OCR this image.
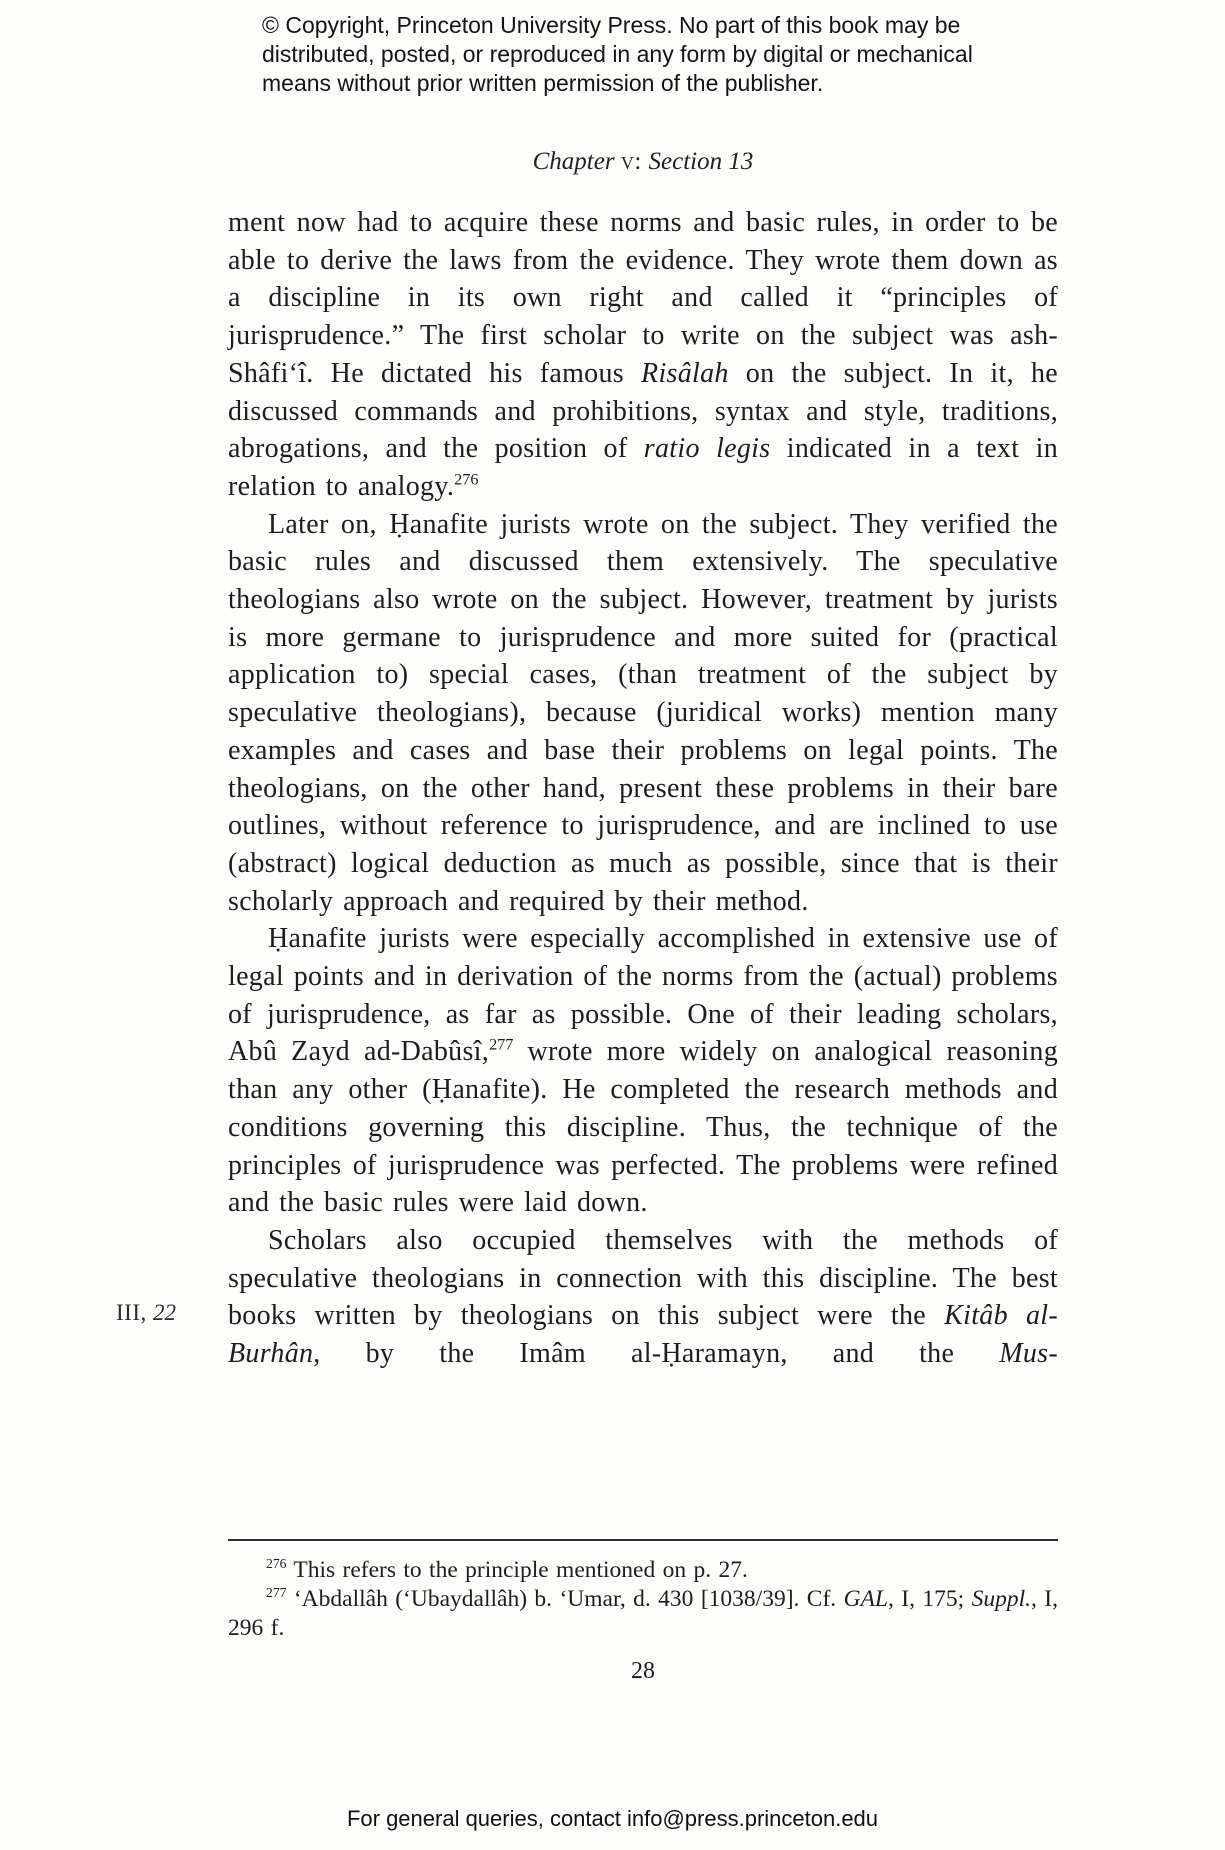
© Copyright, Princeton University Press. No part of this book may be
distributed, posted, or reproduced in any form by digital or mechanical
means without prior written permission of the publisher.
Chapter v: Section 13
III, 22

ment now had to acquire these norms and basic rules, in order to be able to derive the laws from the evidence. They wrote them down as a discipline in its own right and called it “principles of jurisprudence.” The first scholar to write on the subject was ash-Shâfi‘î. He dictated his famous Risâlah on the subject. In it, he discussed commands and prohibitions, syntax and style, traditions, abrogations, and the position of ratio legis indicated in a text in relation to analogy.$^{276}$

Later on, Ḥanafite jurists wrote on the subject. They verified the basic rules and discussed them extensively. The speculative theologians also wrote on the subject. However, treatment by jurists is more germane to jurisprudence and more suited for (practical application to) special cases, (than treatment of the subject by speculative theologians), because (juridical works) mention many examples and cases and base their problems on legal points. The theologians, on the other hand, present these problems in their bare outlines, without reference to jurisprudence, and are inclined to use (abstract) logical deduction as much as possible, since that is their scholarly approach and required by their method.

Ḥanafite jurists were especially accomplished in extensive use of legal points and in derivation of the norms from the (actual) problems of jurisprudence, as far as possible. One of their leading scholars, Abû Zayd ad-Dabûsî,$^{277}$ wrote more widely on analogical reasoning than any other (Ḥanafite). He completed the research methods and conditions governing this discipline. Thus, the technique of the principles of jurisprudence was perfected. The problems were refined and the basic rules were laid down.

Scholars also occupied themselves with the methods of speculative theologians in connection with this discipline. The best books written by theologians on this subject were the Kitâb al-Burhân, by the Imâm al-Ḥaramayn, and the Mus-

$^{276}$ This refers to the principle mentioned on p. 27.

$^{277}$ ‘Abdallâh (‘Ubaydallâh) b. ‘Umar, d. 430 [1038/39]. Cf. GAL, I, 175; Suppl., I, 296 f.

28
For general queries, contact info@press.princeton.edu
